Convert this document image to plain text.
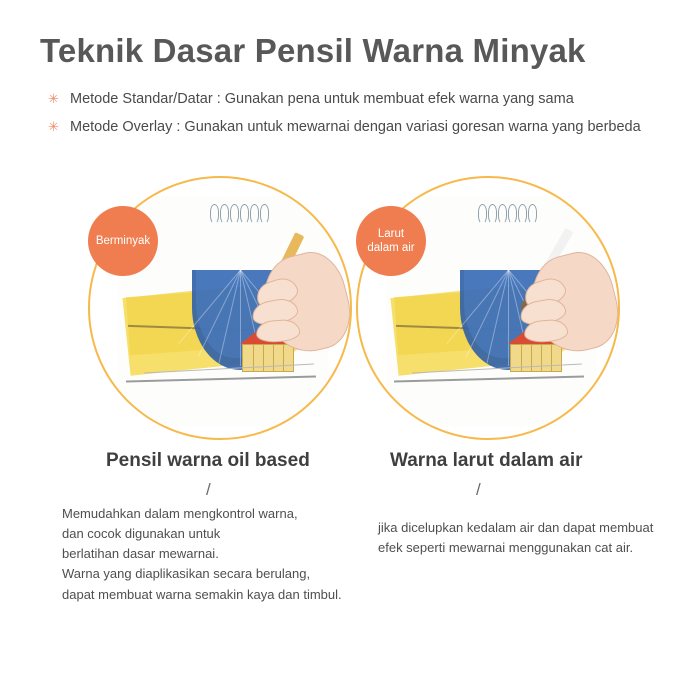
Teknik Dasar Pensil Warna Minyak
✳ Metode Standar/Datar : Gunakan pena untuk membuat efek warna yang sama
✳ Metode Overlay : Gunakan untuk mewarnai dengan variasi goresan warna yang berbeda
Berminyak
Larut dalam air
Pensil warna oil based	Warna larut dalam air
/	/
Memudahkan dalam mengkontrol warna,
dan cocok digunakan untuk
berlatihan dasar mewarnai.
Warna yang diaplikasikan secara berulang,
dapat membuat warna semakin kaya dan timbul.
jika dicelupkan kedalam air dan dapat membuat
efek seperti mewarnai menggunakan cat air.
